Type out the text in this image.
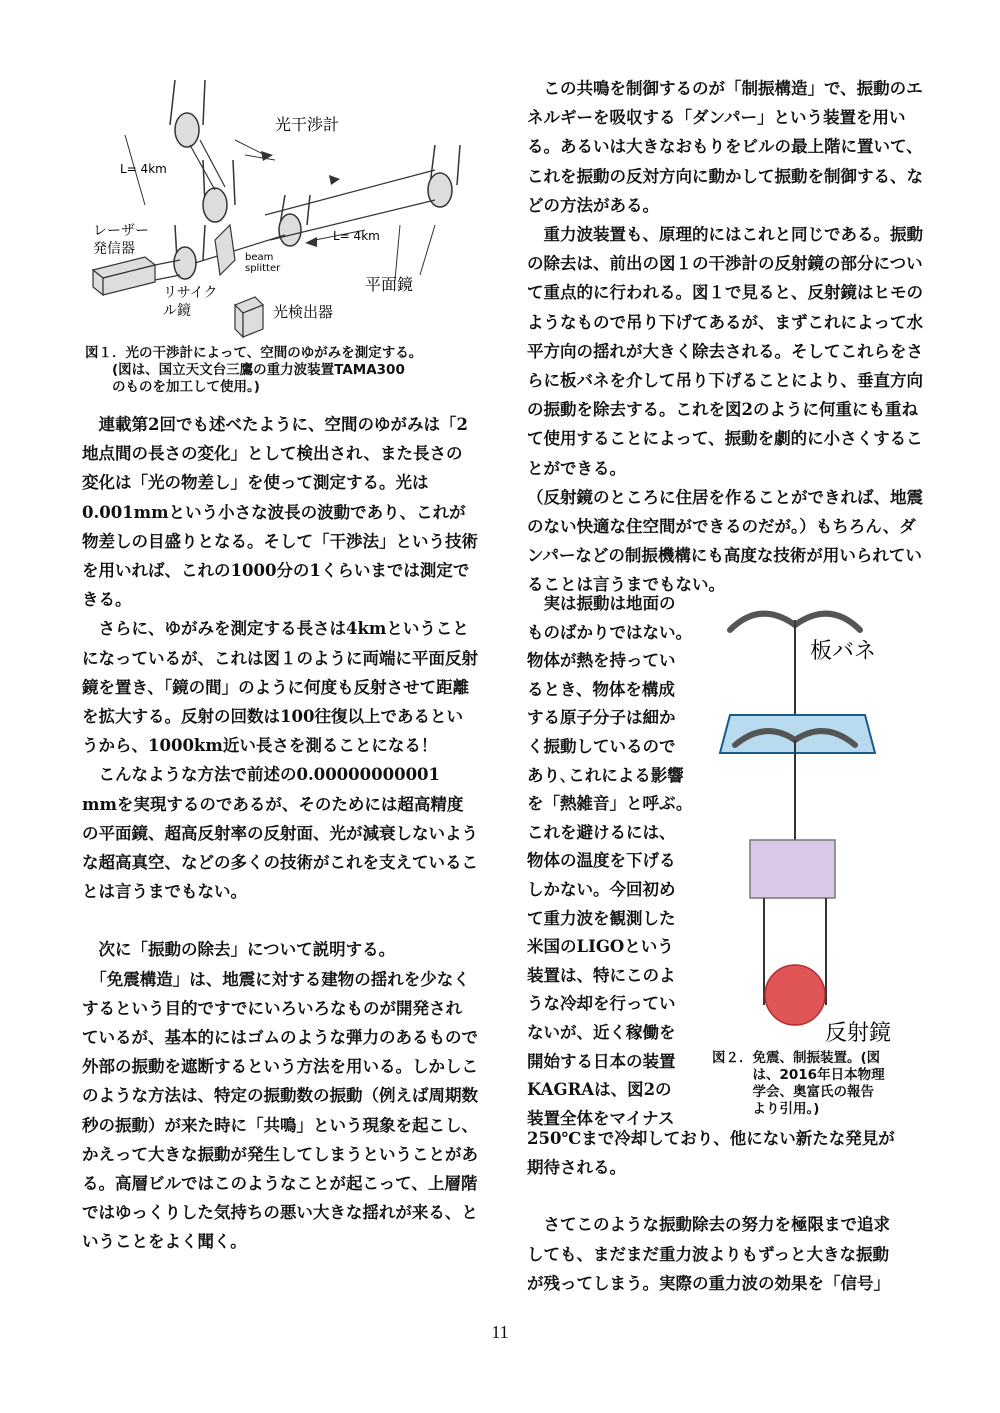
光干渉計
L= 4km
L= 4km
平面鏡
光検出器
レーザー発信器
beam splitter
リサイクル鏡
図１．光の干渉計によって、空間のゆがみを測定する。
　　(図は、国立天文台三鷹の重力波装置TAMA300
　　のものを加工して使用。)

　連載第2回でも述べたように、空間のゆがみは「2地点間の長さの変化」として検出され、また長さの変化は「光の物差し」を使って測定する。光は0.001mmという小さな波長の波動であり、これが物差しの目盛りとなる。そして「干渉法」という技術を用いれば、これの1000分の1くらいまでは測定できる。

　さらに、ゆがみを測定する長さは4kmということになっているが、これは図１のように両端に平面反射鏡を置き、「鏡の間」のように何度も反射させて距離を拡大する。反射の回数は100往復以上であるというから、1000km近い長さを測ることになる！

　こんなような方法で前述の0.00000000001 mmを実現するのであるが、そのためには超高精度の平面鏡、超高反射率の反射面、光が減衰しないような超高真空、などの多くの技術がこれを支えていることは言うまでもない。

　次に「振動の除去」について説明する。

　「免震構造」は、地震に対する建物の揺れを少なくするという目的ですでにいろいろなものが開発されているが、基本的にはゴムのような弾力のあるもので外部の振動を遮断するという方法を用いる。しかしこのような方法は、特定の振動数の振動（例えば周期数秒の振動）が来た時に「共鳴」という現象を起こし、かえって大きな振動が発生してしまうということがある。高層ビルではこのようなことが起こって、上層階ではゆっくりした気持ちの悪い大きな揺れが来る、ということをよく聞く。

　この共鳴を制御するのが「制振構造」で、振動のエネルギーを吸収する「ダンパー」という装置を用いる。あるいは大きなおもりをビルの最上階に置いて、これを振動の反対方向に動かして振動を制御する、などの方法がある。

　重力波装置も、原理的にはこれと同じである。振動の除去は、前出の図１の干渉計の反射鏡の部分について重点的に行われる。図１で見ると、反射鏡はヒモのようなもので吊り下げてあるが、まずこれによって水平方向の揺れが大きく除去される。そしてこれらをさらに板バネを介して吊り下げることにより、垂直方向の振動を除去する。これを図2のように何重にも重ねて使用することによって、振動を劇的に小さくすることができる。

（反射鏡のところに住居を作ることができれば、地震のない快適な住空間ができるのだが。）もちろん、ダンパーなどの制振機構にも高度な技術が用いられていることは言うまでもない。

　実は振動は地面の
ものばかりではない。
物体が熱を持ってい
るとき、物体を構成
する原子分子は細か
く振動しているので
あり､これによる影響
を「熱雑音」と呼ぶ。
これを避けるには、
物体の温度を下げる
しかない。今回初め
て重力波を観測した
米国のLIGOという
装置は、特にこのよ
うな冷却を行ってい
ないが、近く稼働を
開始する日本の装置
KAGRAは、図2の
装置全体をマイナス

板バネ
反射鏡
図２．免震、制振装置。(図
　　　は、2016年日本物理
　　　学会、奥富氏の報告
　　　より引用。)

250℃まで冷却しており、他にない新たな発見が
期待される。

　さてこのような振動除去の努力を極限まで追求
しても、まだまだ重力波よりもずっと大きな振動
が残ってしまう。実際の重力波の効果を「信号」

11
